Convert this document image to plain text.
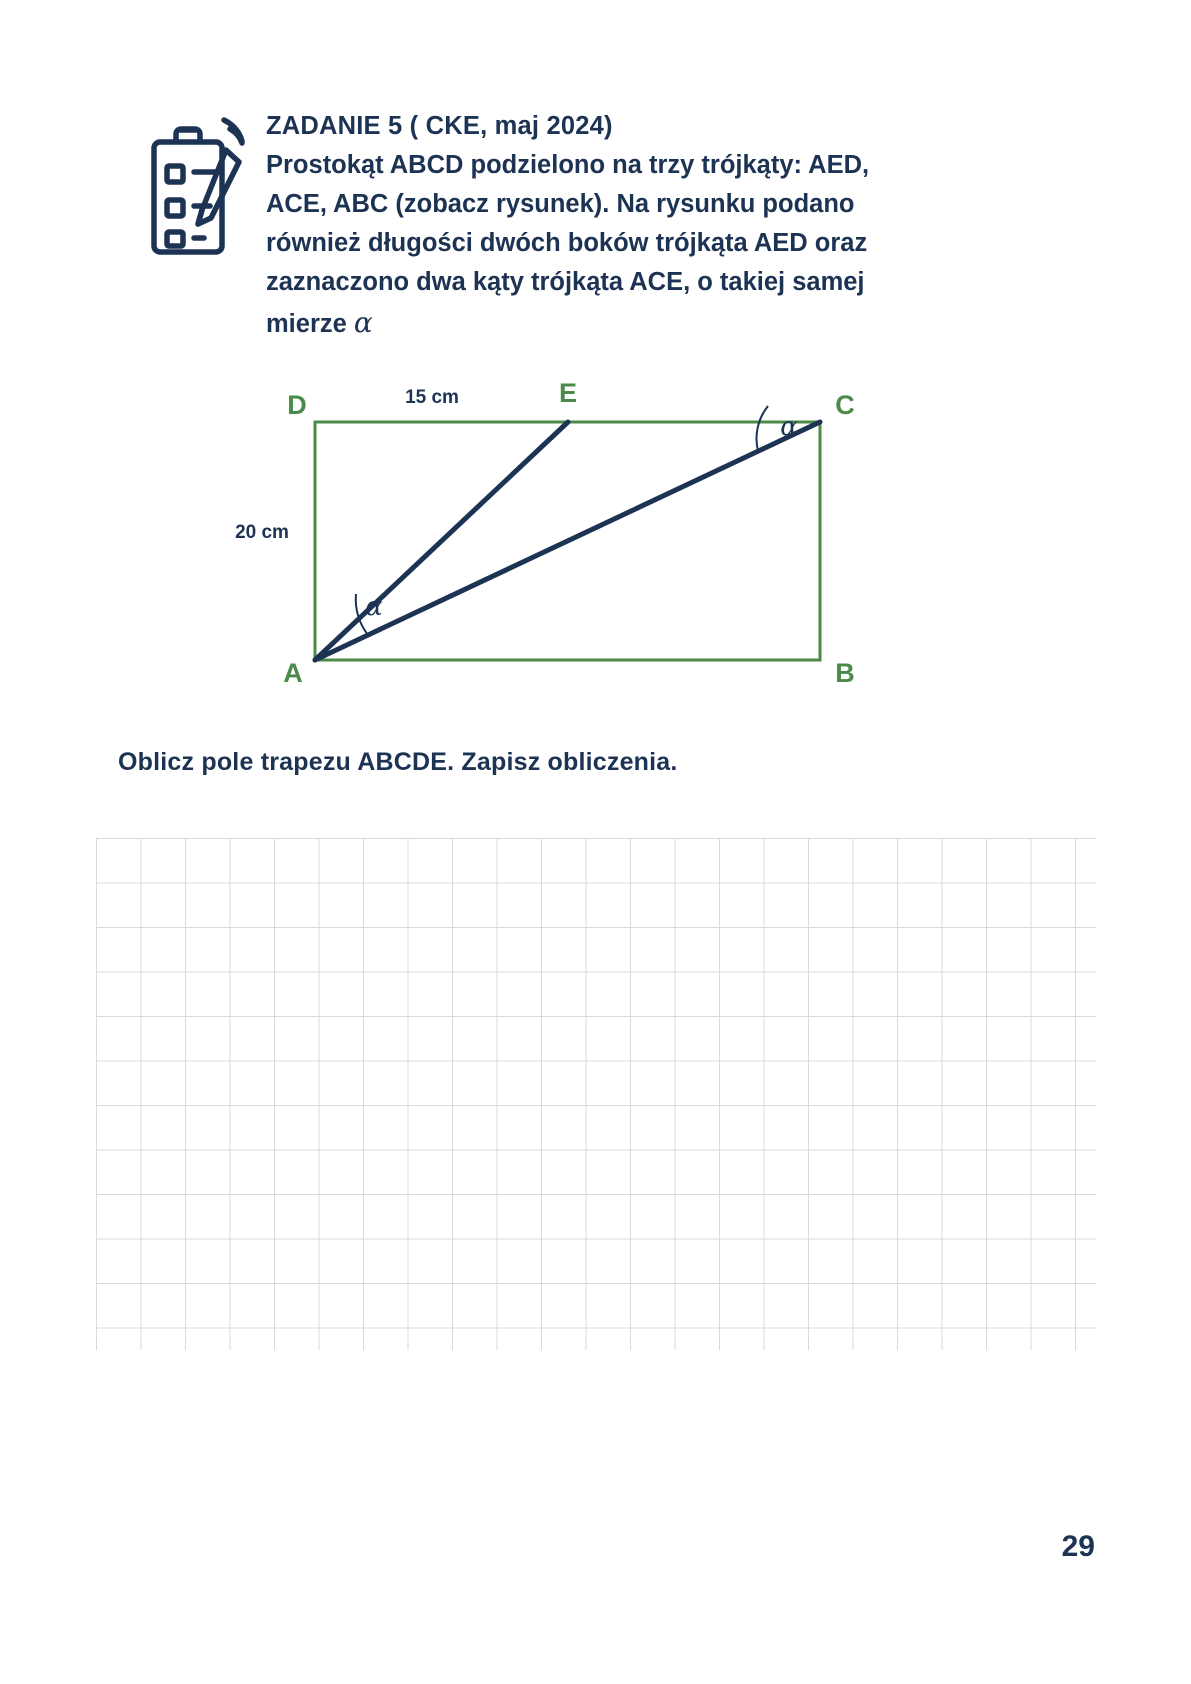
ZADANIE 5 ( CKE, maj 2024)
Prostokąt ABCD podzielono na trzy trójkąty: AED,
ACE, ABC (zobacz rysunek). Na rysunku podano
również długości dwóch boków trójkąta AED oraz
zaznaczono dwa kąty trójkąta ACE, o takiej samej
mierze α
D	E	C
A	B
15 cm
20 cm
α
α
Oblicz pole trapezu ABCDE. Zapisz obliczenia.
29
